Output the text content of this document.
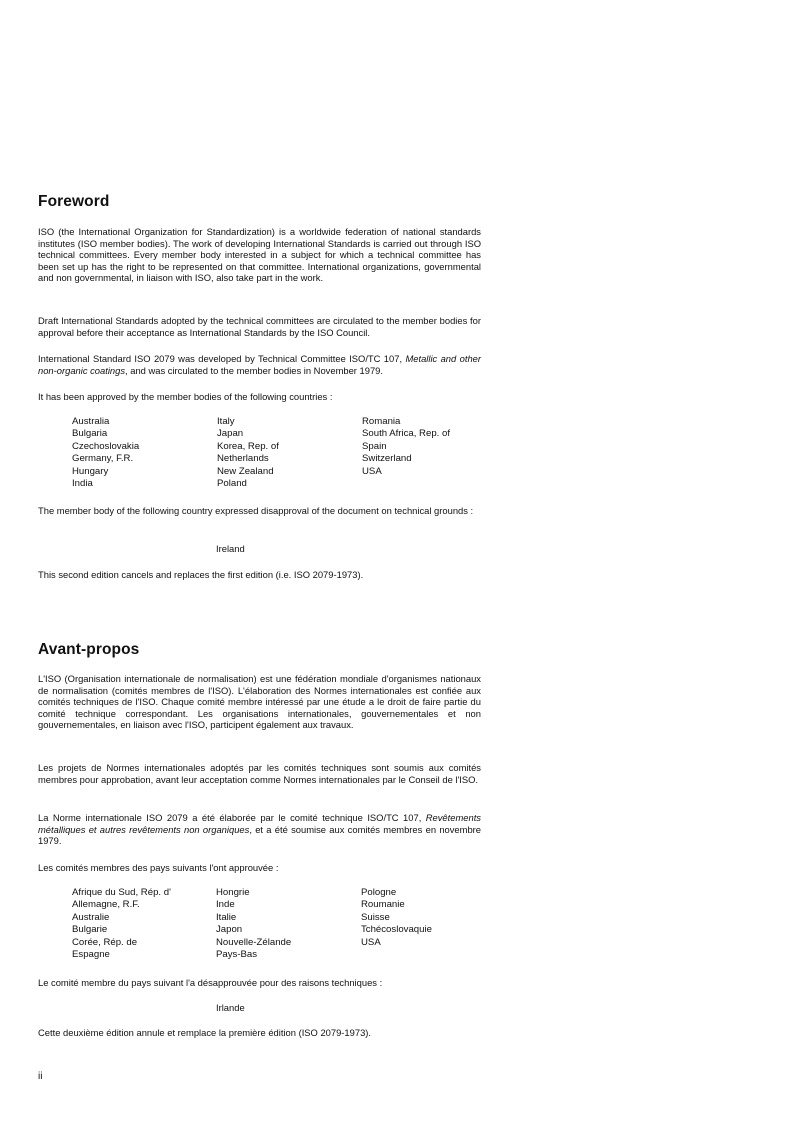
Foreword

ISO (the International Organization for Standardization) is a worldwide federation of national standards institutes (ISO member bodies). The work of developing International Standards is carried out through ISO technical committees. Every member body interested in a subject for which a technical committee has been set up has the right to be represented on that committee. International organizations, governmental and non governmental, in liaison with ISO, also take part in the work.

Draft International Standards adopted by the technical committees are circulated to the member bodies for approval before their acceptance as International Standards by the ISO Council.

International Standard ISO 2079 was developed by Technical Committee ISO/TC 107, Metallic and other non-organic coatings, and was circulated to the member bodies in November 1979.

It has been approved by the member bodies of the following countries :

Australia
Bulgaria
Czechoslovakia
Germany, F.R.
Hungary
India
Italy
Japan
Korea, Rep. of
Netherlands
New Zealand
Poland
Romania
South Africa, Rep. of
Spain
Switzerland
USA

The member body of the following country expressed disapproval of the document on technical grounds :

Ireland

This second edition cancels and replaces the first edition (i.e. ISO 2079-1973).

Avant-propos

L'ISO (Organisation internationale de normalisation) est une fédération mondiale d'organismes nationaux de normalisation (comités membres de l'ISO). L'élaboration des Normes internationales est confiée aux comités techniques de l'ISO. Chaque comité membre intéressé par une étude a le droit de faire partie du comité technique correspondant. Les organisations internationales, gouvernementales et non gouvernementales, en liaison avec l'ISO, participent également aux travaux.

Les projets de Normes internationales adoptés par les comités techniques sont soumis aux comités membres pour approbation, avant leur acceptation comme Normes internationales par le Conseil de l'ISO.

La Norme internationale ISO 2079 a été élaborée par le comité technique ISO/TC 107, Revêtements métalliques et autres revêtements non organiques, et a été soumise aux comités membres en novembre 1979.

Les comités membres des pays suivants l'ont approuvée :

Afrique du Sud, Rép. d'
Allemagne, R.F.
Australie
Bulgarie
Corée, Rép. de
Espagne
Hongrie
Inde
Italie
Japon
Nouvelle-Zélande
Pays-Bas
Pologne
Roumanie
Suisse
Tchécoslovaquie
USA

Le comité membre du pays suivant l'a désapprouvée pour des raisons techniques :

Irlande

Cette deuxième édition annule et remplace la première édition (ISO 2079-1973).

ii
